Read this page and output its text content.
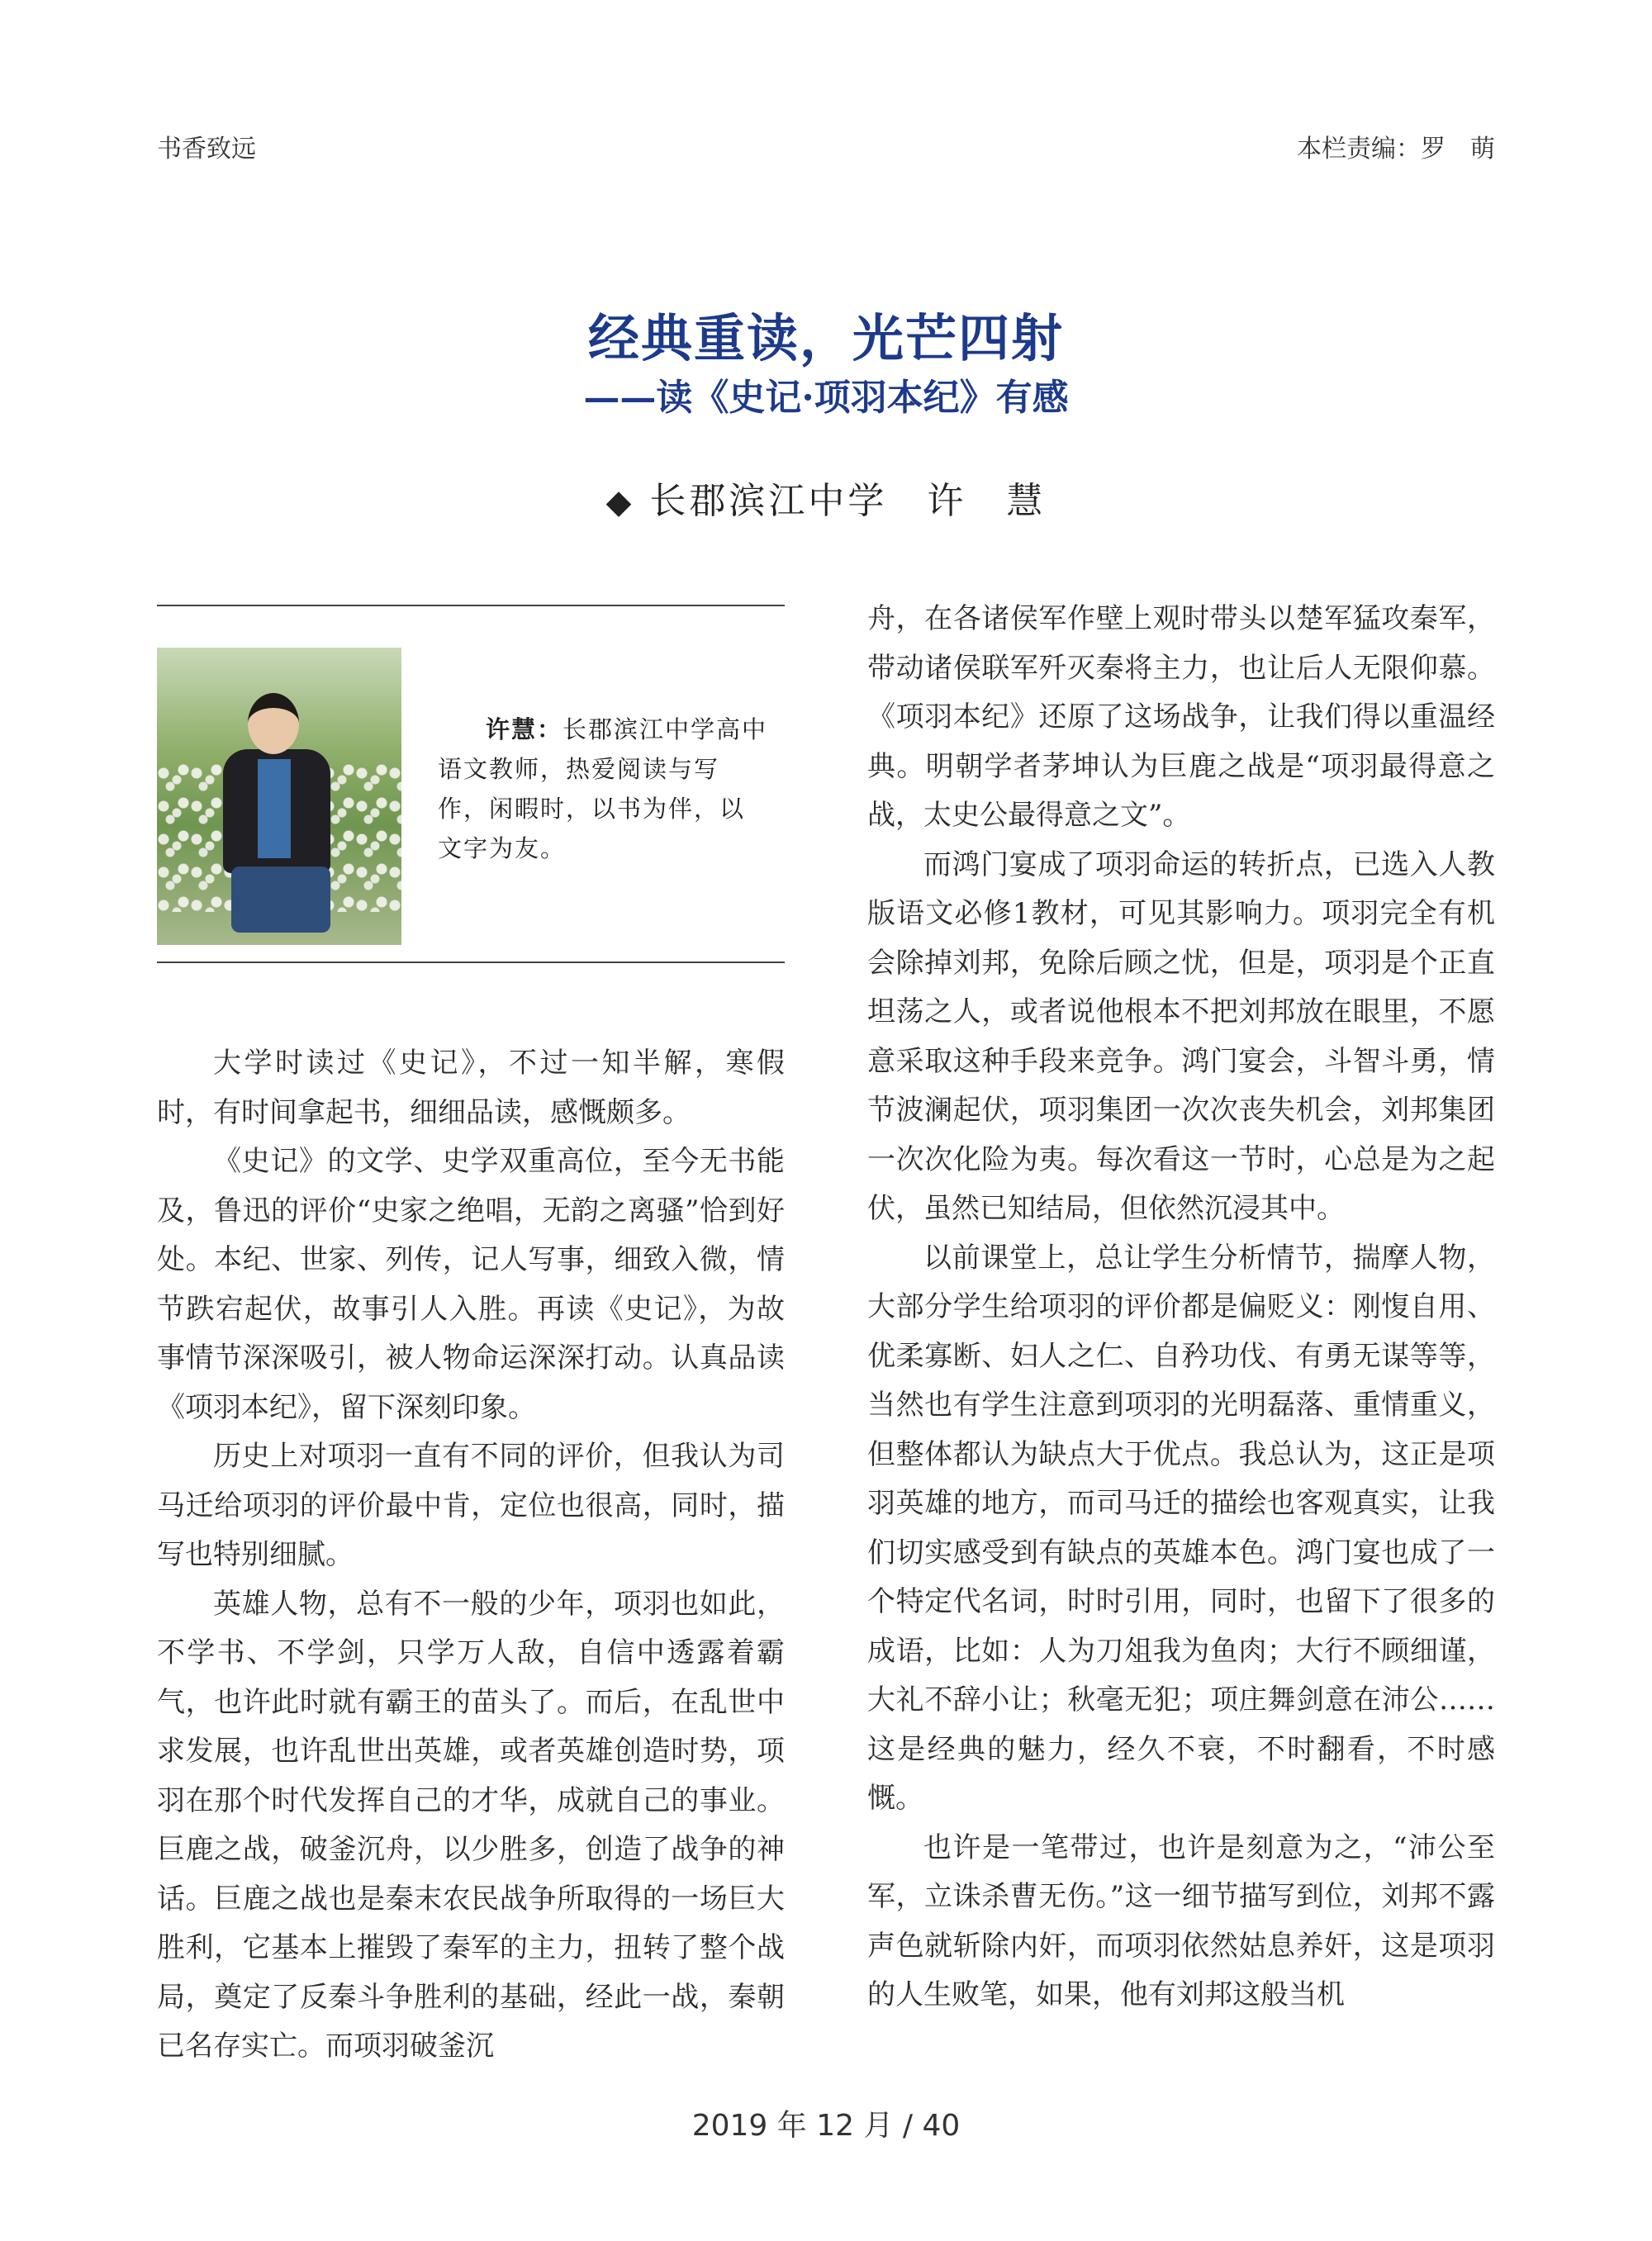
书香致远	本栏责编：罗　萌
经典重读，光芒四射
——读《史记·项羽本纪》有感
◆ 长郡滨江中学　许　慧
许慧：长郡滨江中学高中语文教师，热爱阅读与写作，闲暇时，以书为伴，以文字为友。

大学时读过《史记》，不过一知半解，寒假时，有时间拿起书，细细品读，感慨颇多。

《史记》的文学、史学双重高位，至今无书能及，鲁迅的评价“史家之绝唱，无韵之离骚”恰到好处。本纪、世家、列传，记人写事，细致入微，情节跌宕起伏，故事引人入胜。再读《史记》，为故事情节深深吸引，被人物命运深深打动。认真品读《项羽本纪》，留下深刻印象。

历史上对项羽一直有不同的评价，但我认为司马迁给项羽的评价最中肯，定位也很高，同时，描写也特别细腻。

英雄人物，总有不一般的少年，项羽也如此，不学书、不学剑，只学万人敌，自信中透露着霸气，也许此时就有霸王的苗头了。而后，在乱世中求发展，也许乱世出英雄，或者英雄创造时势，项羽在那个时代发挥自己的才华，成就自己的事业。巨鹿之战，破釜沉舟，以少胜多，创造了战争的神话。巨鹿之战也是秦末农民战争所取得的一场巨大胜利，它基本上摧毁了秦军的主力，扭转了整个战局，奠定了反秦斗争胜利的基础，经此一战，秦朝已名存实亡。而项羽破釜沉

舟，在各诸侯军作壁上观时带头以楚军猛攻秦军，带动诸侯联军歼灭秦将主力，也让后人无限仰慕。《项羽本纪》还原了这场战争，让我们得以重温经典。明朝学者茅坤认为巨鹿之战是“项羽最得意之战，太史公最得意之文”。

而鸿门宴成了项羽命运的转折点，已选入人教版语文必修1教材，可见其影响力。项羽完全有机会除掉刘邦，免除后顾之忧，但是，项羽是个正直坦荡之人，或者说他根本不把刘邦放在眼里，不愿意采取这种手段来竞争。鸿门宴会，斗智斗勇，情节波澜起伏，项羽集团一次次丧失机会，刘邦集团一次次化险为夷。每次看这一节时，心总是为之起伏，虽然已知结局，但依然沉浸其中。

以前课堂上，总让学生分析情节，揣摩人物，大部分学生给项羽的评价都是偏贬义：刚愎自用、优柔寡断、妇人之仁、自矜功伐、有勇无谋等等，当然也有学生注意到项羽的光明磊落、重情重义，但整体都认为缺点大于优点。我总认为，这正是项羽英雄的地方，而司马迁的描绘也客观真实，让我们切实感受到有缺点的英雄本色。鸿门宴也成了一个特定代名词，时时引用，同时，也留下了很多的成语，比如：人为刀俎我为鱼肉；大行不顾细谨，大礼不辞小让；秋毫无犯；项庄舞剑意在沛公……这是经典的魅力，经久不衰，不时翻看，不时感慨。

也许是一笔带过，也许是刻意为之，“沛公至军，立诛杀曹无伤。”这一细节描写到位，刘邦不露声色就斩除内奸，而项羽依然姑息养奸，这是项羽的人生败笔，如果，他有刘邦这般当机

2019 年 12 月 / 40
